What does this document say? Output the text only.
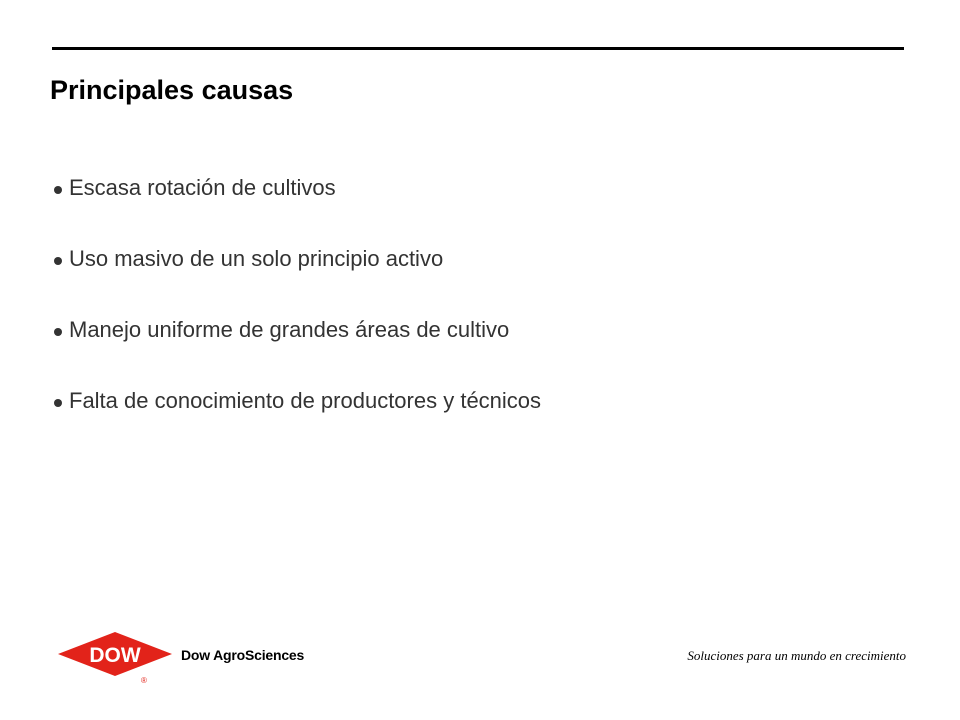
Principales causas
Escasa rotación de cultivos
Uso masivo de un solo principio activo
Manejo uniforme de grandes áreas de cultivo
Falta de conocimiento de productores y técnicos
DOW
®
Dow AgroSciences	Soluciones para un mundo en crecimiento
